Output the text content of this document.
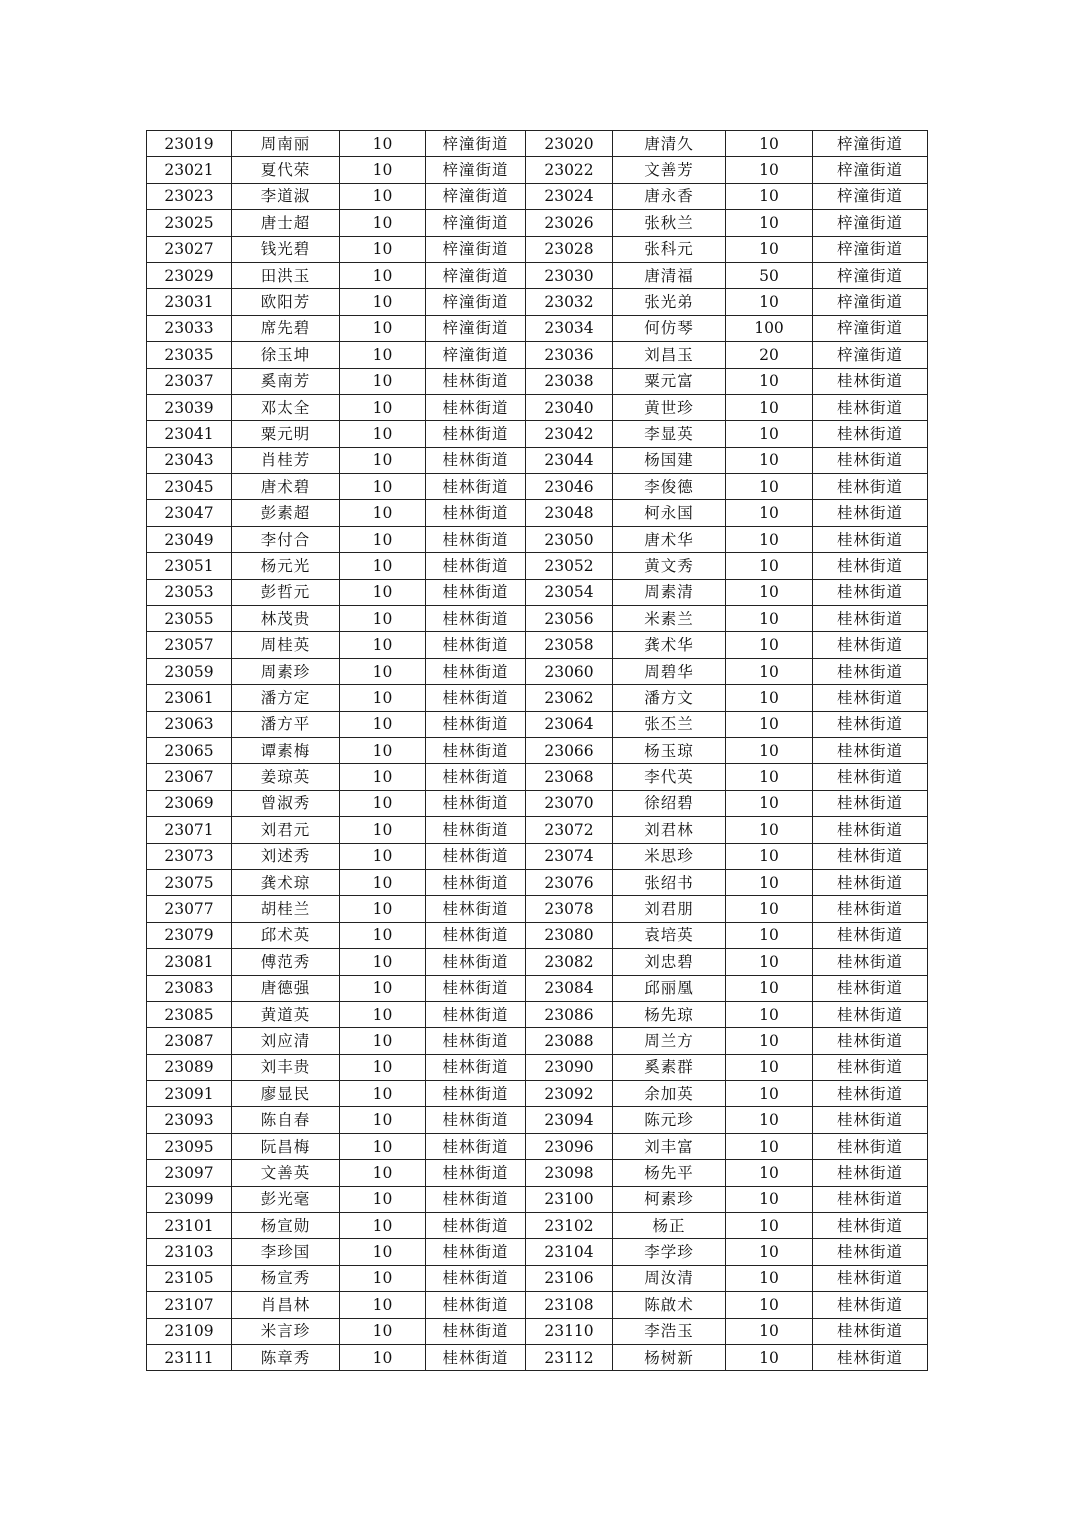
23019	周南丽	10	梓潼街道	23020	唐清久	10	梓潼街道
23021	夏代荣	10	梓潼街道	23022	文善芳	10	梓潼街道
23023	李道淑	10	梓潼街道	23024	唐永香	10	梓潼街道
23025	唐士超	10	梓潼街道	23026	张秋兰	10	梓潼街道
23027	钱光碧	10	梓潼街道	23028	张科元	10	梓潼街道
23029	田洪玉	10	梓潼街道	23030	唐清福	50	梓潼街道
23031	欧阳芳	10	梓潼街道	23032	张光弟	10	梓潼街道
23033	席先碧	10	梓潼街道	23034	何仿琴	100	梓潼街道
23035	徐玉坤	10	梓潼街道	23036	刘昌玉	20	梓潼街道
23037	奚南芳	10	桂林街道	23038	粟元富	10	桂林街道
23039	邓太全	10	桂林街道	23040	黄世珍	10	桂林街道
23041	粟元明	10	桂林街道	23042	李显英	10	桂林街道
23043	肖桂芳	10	桂林街道	23044	杨国建	10	桂林街道
23045	唐术碧	10	桂林街道	23046	李俊德	10	桂林街道
23047	彭素超	10	桂林街道	23048	柯永国	10	桂林街道
23049	李付合	10	桂林街道	23050	唐术华	10	桂林街道
23051	杨元光	10	桂林街道	23052	黄文秀	10	桂林街道
23053	彭哲元	10	桂林街道	23054	周素清	10	桂林街道
23055	林茂贵	10	桂林街道	23056	米素兰	10	桂林街道
23057	周桂英	10	桂林街道	23058	龚术华	10	桂林街道
23059	周素珍	10	桂林街道	23060	周碧华	10	桂林街道
23061	潘方定	10	桂林街道	23062	潘方文	10	桂林街道
23063	潘方平	10	桂林街道	23064	张丕兰	10	桂林街道
23065	谭素梅	10	桂林街道	23066	杨玉琼	10	桂林街道
23067	姜琼英	10	桂林街道	23068	李代英	10	桂林街道
23069	曾淑秀	10	桂林街道	23070	徐绍碧	10	桂林街道
23071	刘君元	10	桂林街道	23072	刘君林	10	桂林街道
23073	刘述秀	10	桂林街道	23074	米思珍	10	桂林街道
23075	龚术琼	10	桂林街道	23076	张绍书	10	桂林街道
23077	胡桂兰	10	桂林街道	23078	刘君朋	10	桂林街道
23079	邱术英	10	桂林街道	23080	袁培英	10	桂林街道
23081	傅范秀	10	桂林街道	23082	刘忠碧	10	桂林街道
23083	唐德强	10	桂林街道	23084	邱丽凰	10	桂林街道
23085	黄道英	10	桂林街道	23086	杨先琼	10	桂林街道
23087	刘应清	10	桂林街道	23088	周兰方	10	桂林街道
23089	刘丰贵	10	桂林街道	23090	奚素群	10	桂林街道
23091	廖显民	10	桂林街道	23092	余加英	10	桂林街道
23093	陈自春	10	桂林街道	23094	陈元珍	10	桂林街道
23095	阮昌梅	10	桂林街道	23096	刘丰富	10	桂林街道
23097	文善英	10	桂林街道	23098	杨先平	10	桂林街道
23099	彭光毫	10	桂林街道	23100	柯素珍	10	桂林街道
23101	杨宣勋	10	桂林街道	23102	杨正	10	桂林街道
23103	李珍国	10	桂林街道	23104	李学珍	10	桂林街道
23105	杨宣秀	10	桂林街道	23106	周汝清	10	桂林街道
23107	肖昌林	10	桂林街道	23108	陈啟术	10	桂林街道
23109	米言珍	10	桂林街道	23110	李浩玉	10	桂林街道
23111	陈章秀	10	桂林街道	23112	杨树新	10	桂林街道
